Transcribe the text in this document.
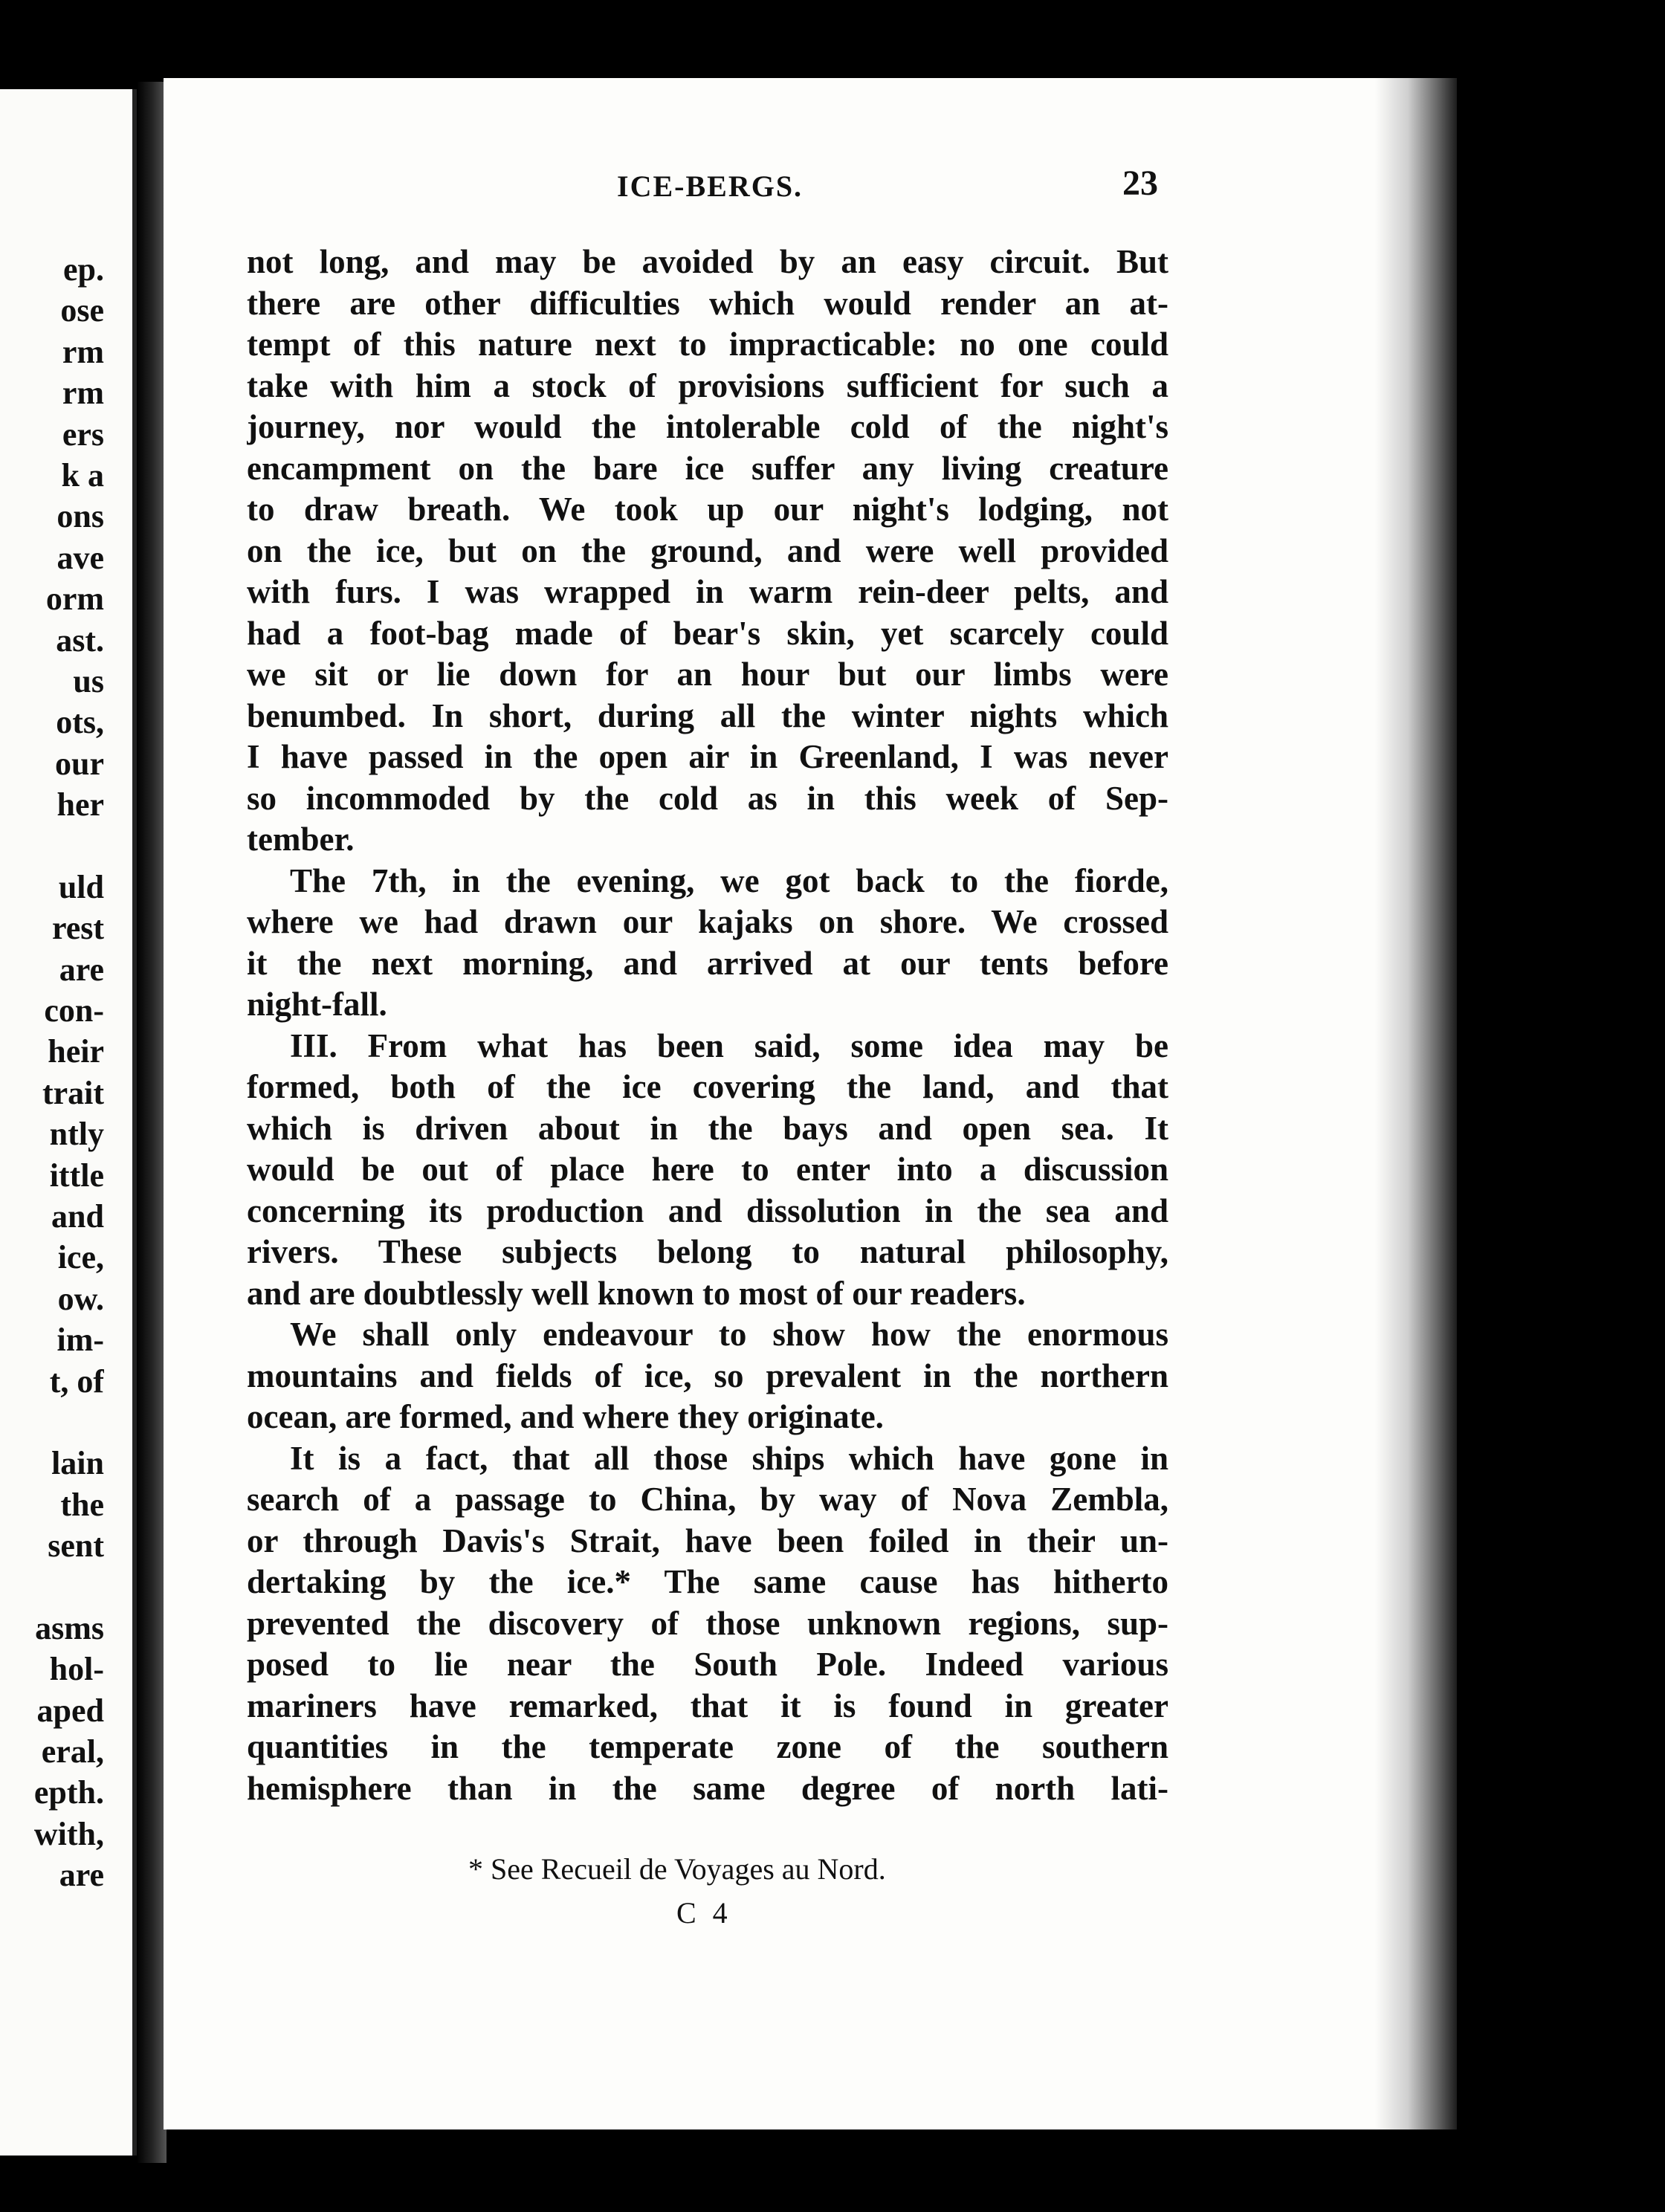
ep.
ose
rm
rm
ers
k a
ons
ave
orm
ast.
us
ots,
our
her
uld
rest
are
con-
heir
trait
ntly
ittle
and
ice,
ow.
im-
t, of
lain
the
sent
asms
hol-
aped
eral,
epth.
with,
are
ICE-BERGS.	23
not long, and may be avoided by an easy circuit. But
there are other difficulties which would render an at-
tempt of this nature next to impracticable: no one could
take with him a stock of provisions sufficient for such a
journey, nor would the intolerable cold of the night's
encampment on the bare ice suffer any living creature
to draw breath. We took up our night's lodging, not
on the ice, but on the ground, and were well provided
with furs. I was wrapped in warm rein-deer pelts, and
had a foot-bag made of bear's skin, yet scarcely could
we sit or lie down for an hour but our limbs were
benumbed. In short, during all the winter nights which
I have passed in the open air in Greenland, I was never
so incommoded by the cold as in this week of Sep-
tember.
The 7th, in the evening, we got back to the fiorde,
where we had drawn our kajaks on shore. We crossed
it the next morning, and arrived at our tents before
night-fall.
III. From what has been said, some idea may be
formed, both of the ice covering the land, and that
which is driven about in the bays and open sea. It
would be out of place here to enter into a discussion
concerning its production and dissolution in the sea and
rivers. These subjects belong to natural philosophy,
and are doubtlessly well known to most of our readers.
We shall only endeavour to show how the enormous
mountains and fields of ice, so prevalent in the northern
ocean, are formed, and where they originate.
It is a fact, that all those ships which have gone in
search of a passage to China, by way of Nova Zembla,
or through Davis's Strait, have been foiled in their un-
dertaking by the ice.* The same cause has hitherto
prevented the discovery of those unknown regions, sup-
posed to lie near the South Pole. Indeed various
mariners have remarked, that it is found in greater
quantities in the temperate zone of the southern
hemisphere than in the same degree of north lati-
* See Recueil de Voyages au Nord.
C 4
